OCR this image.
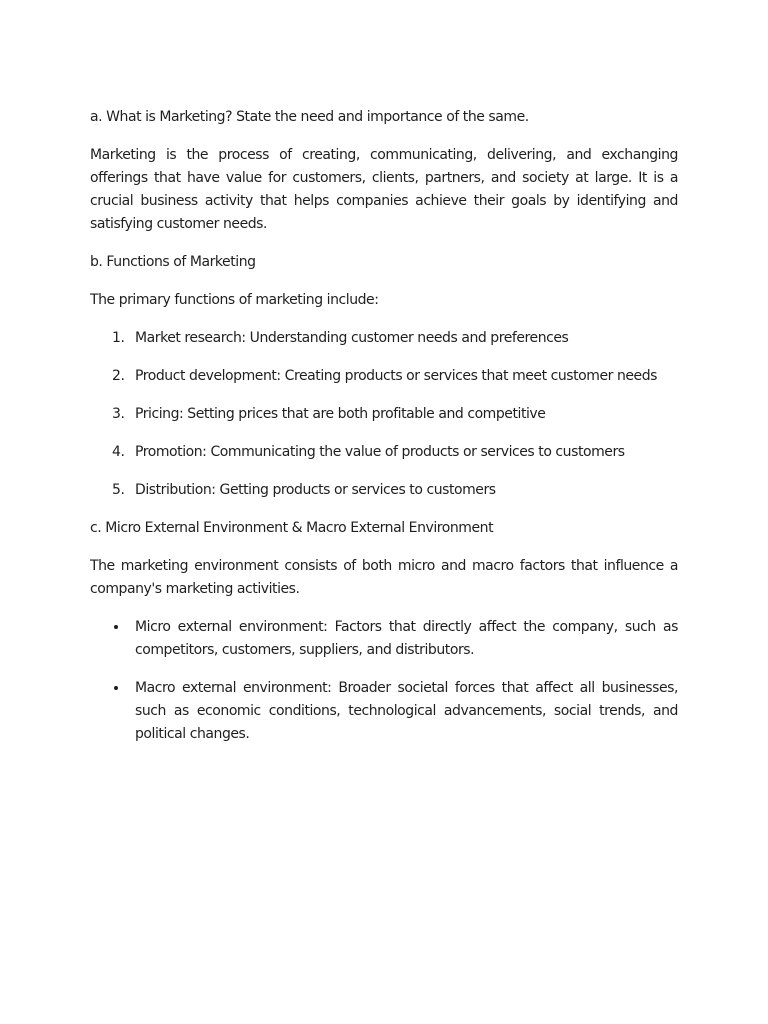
a. What is Marketing? State the need and importance of the same.

Marketing is the process of creating, communicating, delivering, and exchanging offerings that have value for customers, clients, partners, and society at large. It is a crucial business activity that helps companies achieve their goals by identifying and satisfying customer needs.

b. Functions of Marketing

The primary functions of marketing include:

1. Market research: Understanding customer needs and preferences
2. Product development: Creating products or services that meet customer needs
3. Pricing: Setting prices that are both profitable and competitive
4. Promotion: Communicating the value of products or services to customers
5. Distribution: Getting products or services to customers

c. Micro External Environment & Macro External Environment

The marketing environment consists of both micro and macro factors that influence a company's marketing activities.

Micro external environment: Factors that directly affect the company, such as competitors, customers, suppliers, and distributors.
Macro external environment: Broader societal forces that affect all businesses, such as economic conditions, technological advancements, social trends, and political changes.
